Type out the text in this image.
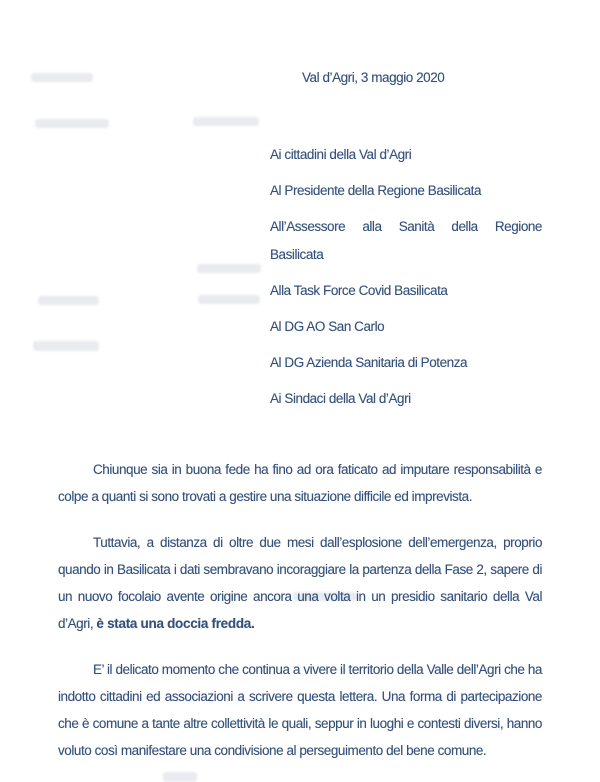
Val d’Agri, 3 maggio 2020

Ai cittadini della Val d’Agri

Al Presidente della Regione Basilicata

All’Assessore alla Sanità della Regione Basilicata

Alla Task Force Covid Basilicata

Al DG AO San Carlo

Al DG Azienda Sanitaria di Potenza

Ai Sindaci della Val d’Agri

Chiunque sia in buona fede ha fino ad ora faticato ad imputare responsabilità e colpe a quanti si sono trovati a gestire una situazione difficile ed imprevista.

Tuttavia, a distanza di oltre due mesi dall’esplosione dell’emergenza, proprio quando in Basilicata i dati sembravano incoraggiare la partenza della Fase 2, sapere di un nuovo focolaio avente origine ancora una volta in un presidio sanitario della Val d’Agri, è stata una doccia fredda.

E’ il delicato momento che continua a vivere il territorio della Valle dell’Agri che ha indotto cittadini ed associazioni a scrivere questa lettera. Una forma di partecipazione che è comune a tante altre collettività le quali, seppur in luoghi e contesti diversi, hanno voluto così manifestare una condivisione al perseguimento del bene comune.
